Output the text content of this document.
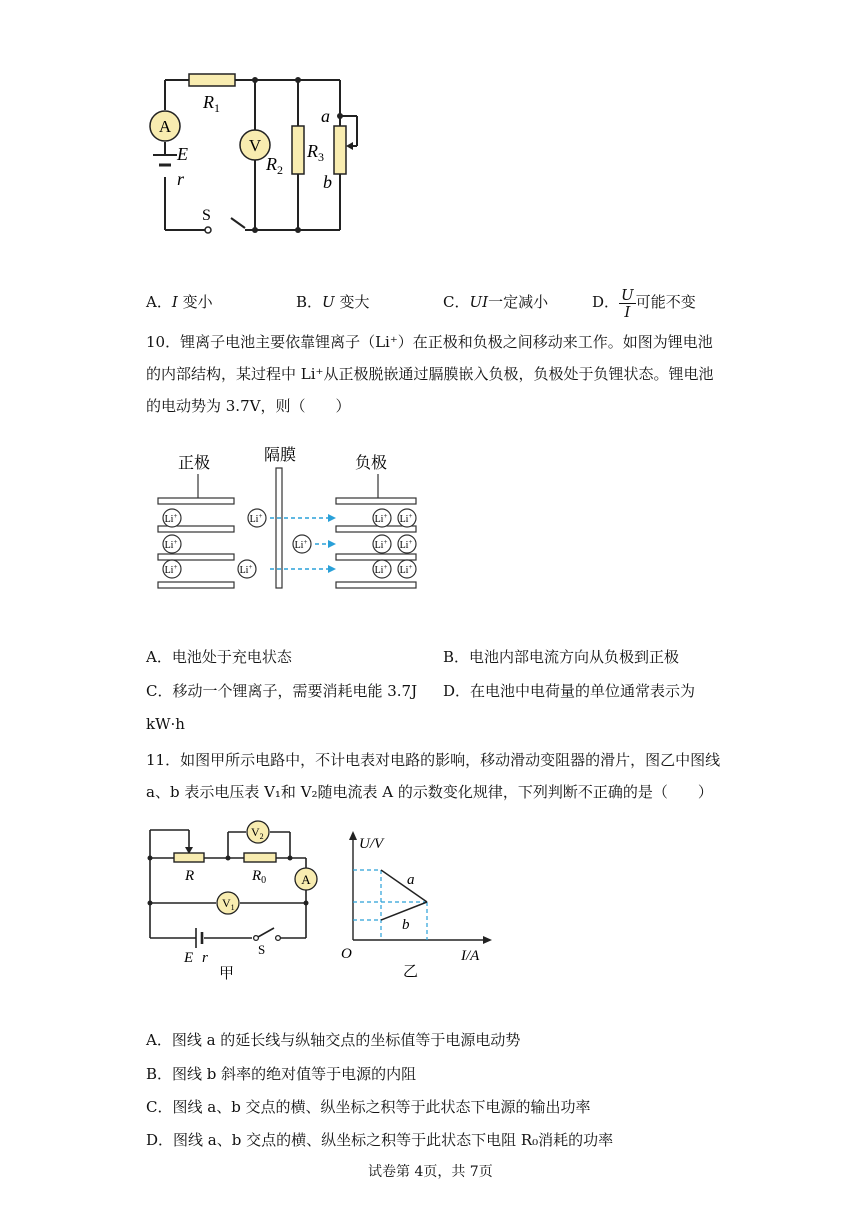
A
V
$R_1$
$R_2$
$R_3$
a
b
E
r
S
A．I 变小	B．U 变大	C．UI一定减小	D． $\frac{U}{I}$ 可能不变
10．锂离子电池主要依靠锂离子（Li⁺）在正极和负极之间移动来工作。如图为锂电池
的内部结构，某过程中 Li⁺从正极脱嵌通过膈膜嵌入负极，负极处于负锂状态。锂电池
的电动势为 3.7V，则（　　）
正极	隔膜	负极
Li+
Li+
Li+
Li+
Li+
Li+
Li+ Li+
Li+ Li+
Li+ Li+
A．电池处于充电状态	B．电池内部电流方向从负极到正极
C．移动一个锂离子，需要消耗电能 3.7J D．在电池中电荷量的单位通常表示为
kW·h
11．如图甲所示电路中，不计电表对电路的影响，移动滑动变阻器的滑片，图乙中图线
a、b 表示电压表 V₁和 V₂随电流表 A 的示数变化规律，下列判断不正确的是（　　）
$V_2$
$V_1$
A
R	$R_0$
E r
S
甲
U/V
I/A
O
a
b
乙
A．图线 a 的延长线与纵轴交点的坐标值等于电源电动势
B．图线 b 斜率的绝对值等于电源的内阻
C．图线 a、b 交点的横、纵坐标之积等于此状态下电源的输出功率
D．图线 a、b 交点的横、纵坐标之积等于此状态下电阻 R₀消耗的功率
试卷第 4页，共 7页
